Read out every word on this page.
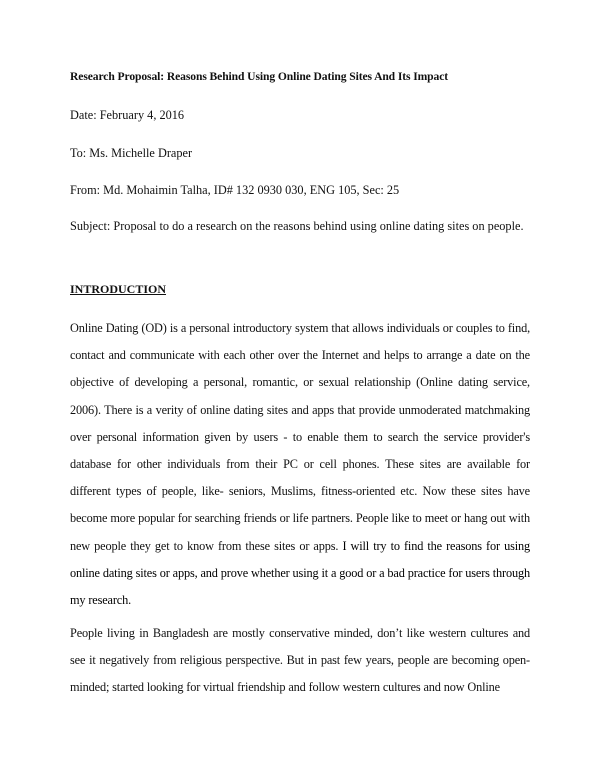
Research Proposal: Reasons Behind Using Online Dating Sites And Its Impact

Date: February 4, 2016

To: Ms. Michelle Draper

From: Md. Mohaimin Talha, ID# 132 0930 030, ENG 105, Sec: 25

Subject: Proposal to do a research on the reasons behind using online dating sites on people.

INTRODUCTION

Online Dating (OD) is a personal introductory system that allows individuals or couples to find, contact and communicate with each other over the Internet and helps to arrange a date on the objective of developing a personal, romantic, or sexual relationship (Online dating service, 2006). There is a verity of online dating sites and apps that provide unmoderated matchmaking over personal information given by users - to enable them to search the service provider's database for other individuals from their PC or cell phones. These sites are available for different types of people, like- seniors, Muslims, fitness-oriented etc. Now these sites have become more popular for searching friends or life partners. People like to meet or hang out with new people they get to know from these sites or apps. I will try to find the reasons for using online dating sites or apps, and prove whether using it a good or a bad practice for users through my research.

People living in Bangladesh are mostly conservative minded, don’t like western cultures and see it negatively from religious perspective. But in past few years, people are becoming open-minded; started looking for virtual friendship and follow western cultures and now Online
